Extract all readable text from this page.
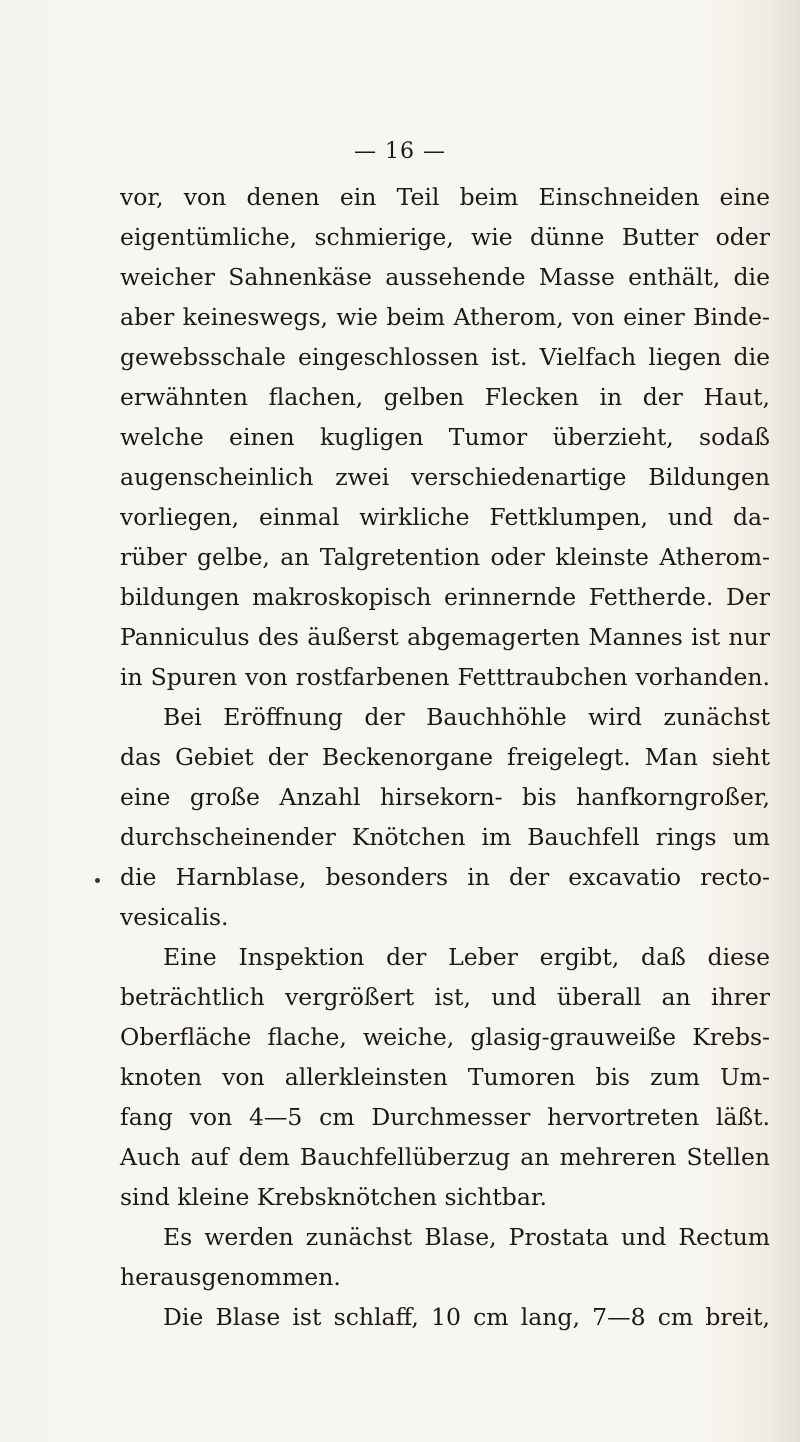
— 16 —
vor, von denen ein Teil beim Einschneiden eine
eigentümliche, schmierige, wie dünne Butter oder
weicher Sahnenkäse aussehende Masse enthält, die
aber keineswegs, wie beim Atherom, von einer Binde-
gewebsschale eingeschlossen ist. Vielfach liegen die
erwähnten flachen, gelben Flecken in der Haut,
welche einen kugligen Tumor überzieht, sodaß
augenscheinlich zwei verschiedenartige Bildungen
vorliegen, einmal wirkliche Fettklumpen, und da-
rüber gelbe, an Talgretention oder kleinste Atherom-
bildungen makroskopisch erinnernde Fettherde. Der
Panniculus des äußerst abgemagerten Mannes ist nur
in Spuren von rostfarbenen Fetttraubchen vorhanden.
Bei Eröffnung der Bauchhöhle wird zunächst
das Gebiet der Beckenorgane freigelegt. Man sieht
eine große Anzahl hirsekorn- bis hanfkorngroßer,
durchscheinender Knötchen im Bauchfell rings um
die Harnblase, besonders in der excavatio recto-
vesicalis.
Eine Inspektion der Leber ergibt, daß diese
beträchtlich vergrößert ist, und überall an ihrer
Oberfläche flache, weiche, glasig-grauweiße Krebs-
knoten von allerkleinsten Tumoren bis zum Um-
fang von 4—5 cm Durchmesser hervortreten läßt.
Auch auf dem Bauchfellüberzug an mehreren Stellen
sind kleine Krebsknötchen sichtbar.
Es werden zunächst Blase, Prostata und Rectum
herausgenommen.
Die Blase ist schlaff, 10 cm lang, 7—8 cm breit,
